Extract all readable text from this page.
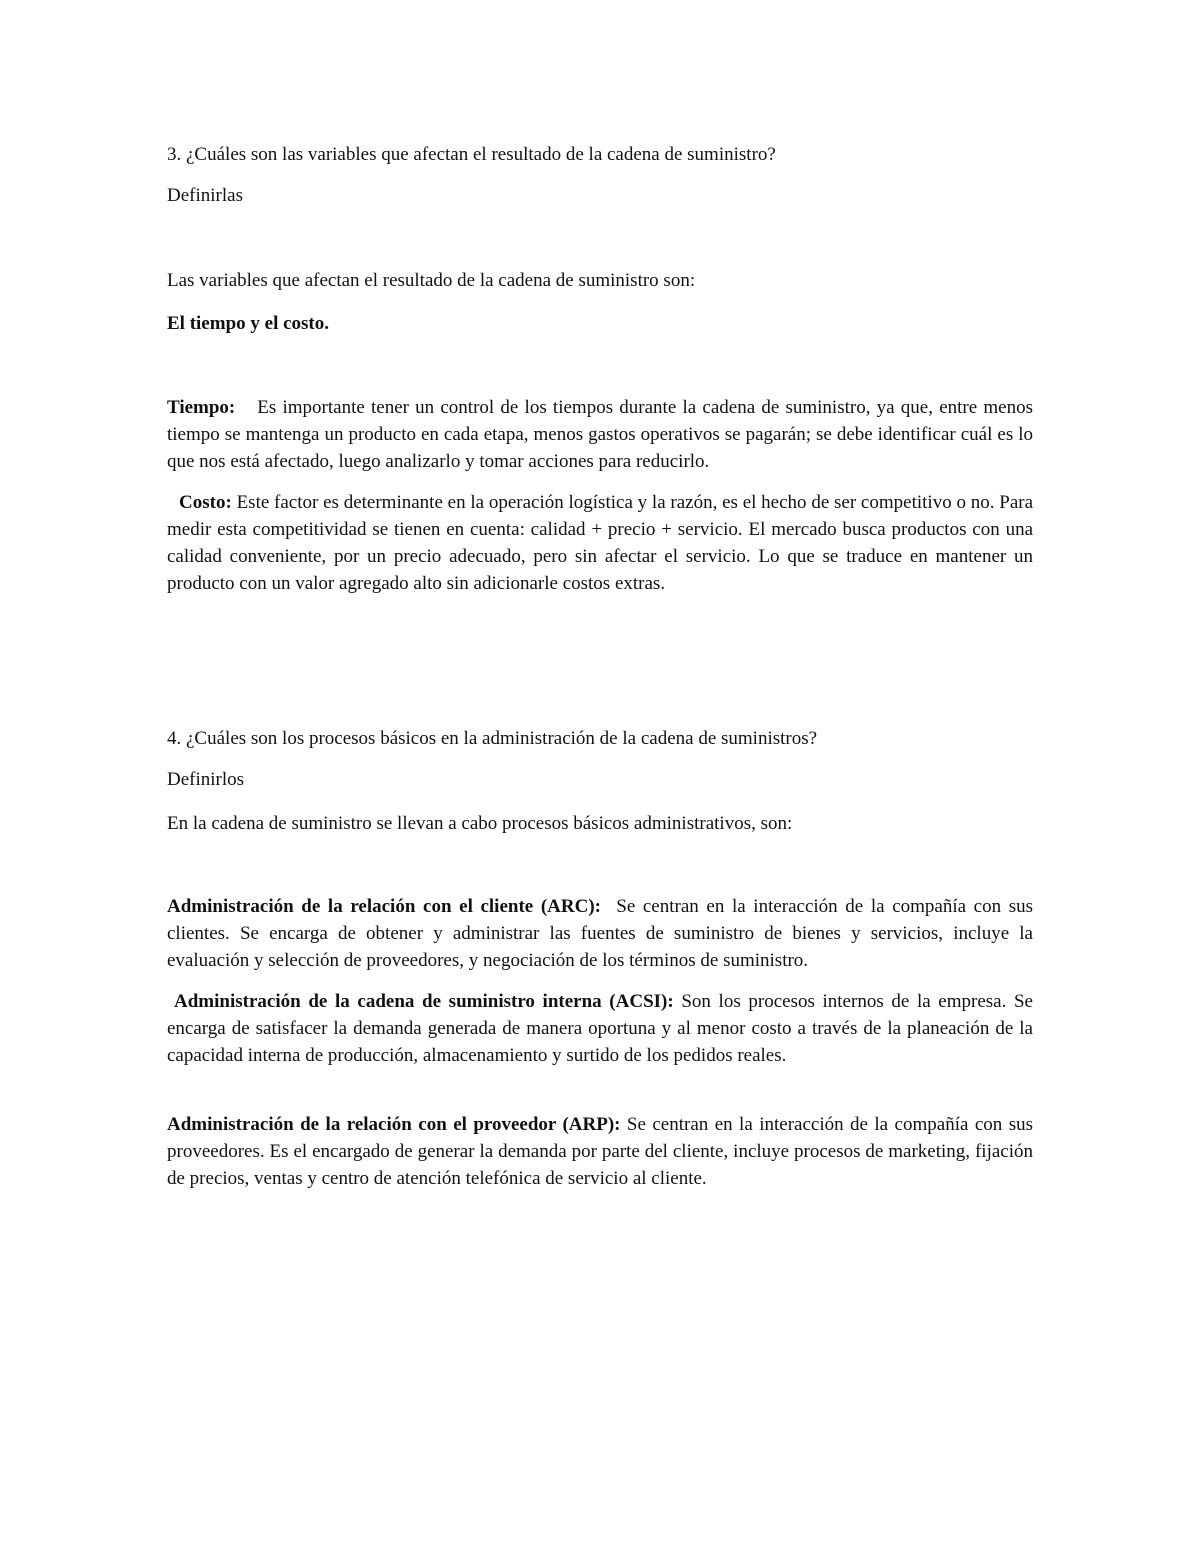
3. ¿Cuáles son las variables que afectan el resultado de la cadena de suministro?

Definirlas

Las variables que afectan el resultado de la cadena de suministro son:

El tiempo y el costo.

Tiempo: Es importante tener un control de los tiempos durante la cadena de suministro, ya que, entre menos tiempo se mantenga un producto en cada etapa, menos gastos operativos se pagarán; se debe identificar cuál es lo que nos está afectado, luego analizarlo y tomar acciones para reducirlo.

Costo: Este factor es determinante en la operación logística y la razón, es el hecho de ser competitivo o no. Para medir esta competitividad se tienen en cuenta: calidad + precio + servicio. El mercado busca productos con una calidad conveniente, por un precio adecuado, pero sin afectar el servicio. Lo que se traduce en mantener un producto con un valor agregado alto sin adicionarle costos extras.

4. ¿Cuáles son los procesos básicos en la administración de la cadena de suministros?

Definirlos

En la cadena de suministro se llevan a cabo procesos básicos administrativos, son:

Administración de la relación con el cliente (ARC): Se centran en la interacción de la compañía con sus clientes. Se encarga de obtener y administrar las fuentes de suministro de bienes y servicios, incluye la evaluación y selección de proveedores, y negociación de los términos de suministro.

Administración de la cadena de suministro interna (ACSI): Son los procesos internos de la empresa. Se encarga de satisfacer la demanda generada de manera oportuna y al menor costo a través de la planeación de la capacidad interna de producción, almacenamiento y surtido de los pedidos reales.

Administración de la relación con el proveedor (ARP): Se centran en la interacción de la compañía con sus proveedores. Es el encargado de generar la demanda por parte del cliente, incluye procesos de marketing, fijación de precios, ventas y centro de atención telefónica de servicio al cliente.
